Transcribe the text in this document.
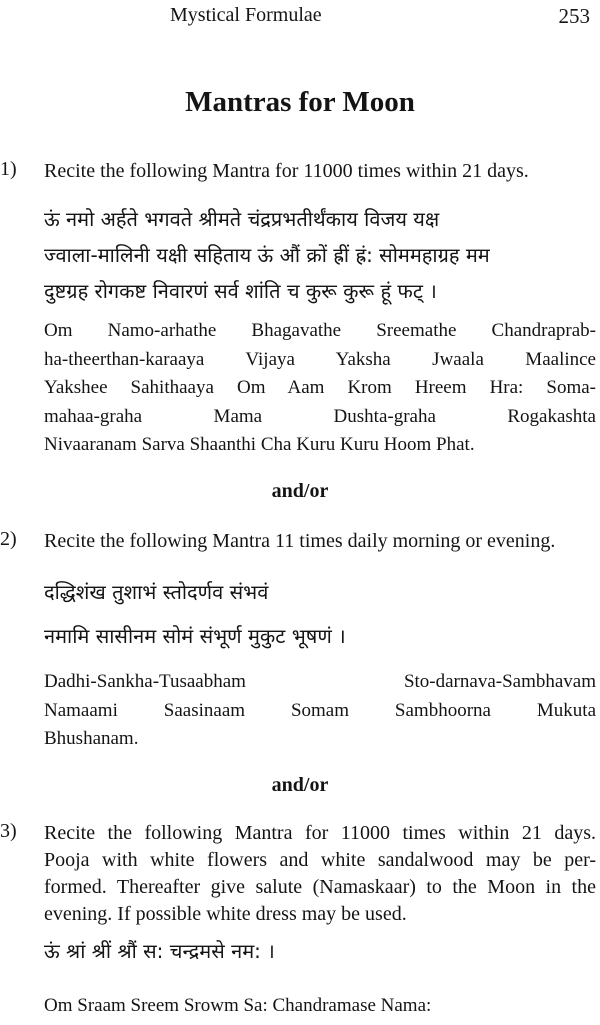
Mystical Formulae	253
Mantras for Moon
1) Recite the following Mantra for 11000 times within 21 days.
ऊं नमो अर्हते भगवते श्रीमते चंद्रप्रभतीर्थंकाय विजय यक्ष
ज्वाला-मालिनी यक्षी सहिताय ऊं औं क्रों ह्रीं ह्रं: सोममहाग्रह मम
दुष्टग्रह रोगकष्ट निवारणं सर्व शांति च कुरू कुरू हूं फट् ।
Om Namo-arhathe Bhagavathe Sreemathe Chandraprab-
ha-theerthan-karaaya Vijaya Yaksha Jwaala Maalince
Yakshee Sahithaaya Om Aam Krom Hreem Hra: Soma-
mahaa-graha Mama Dushta-graha Rogakashta
Nivaaranam Sarva Shaanthi Cha Kuru Kuru Hoom Phat.
and/or
2) Recite the following Mantra 11 times daily morning or evening.
दद्धिशंख तुशाभं स्तोदर्णव संभवं
नमामि सासीनम सोमं संभूर्ण मुकुट भूषणं ।
Dadhi-Sankha-Tusaabham Sto-darnava-Sambhavam
Namaami Saasinaam Somam Sambhoorna Mukuta
Bhushanam.
and/or
3) Recite the following Mantra for 11000 times within 21 days.
Pooja with white flowers and white sandalwood may be per-
formed. Thereafter give salute (Namaskaar) to the Moon in the
evening. If possible white dress may be used.
ऊं श्रां श्रीं श्रौं स: चन्द्रमसे नम: ।
Om Sraam Sreem Srowm Sa: Chandramase Nama:
